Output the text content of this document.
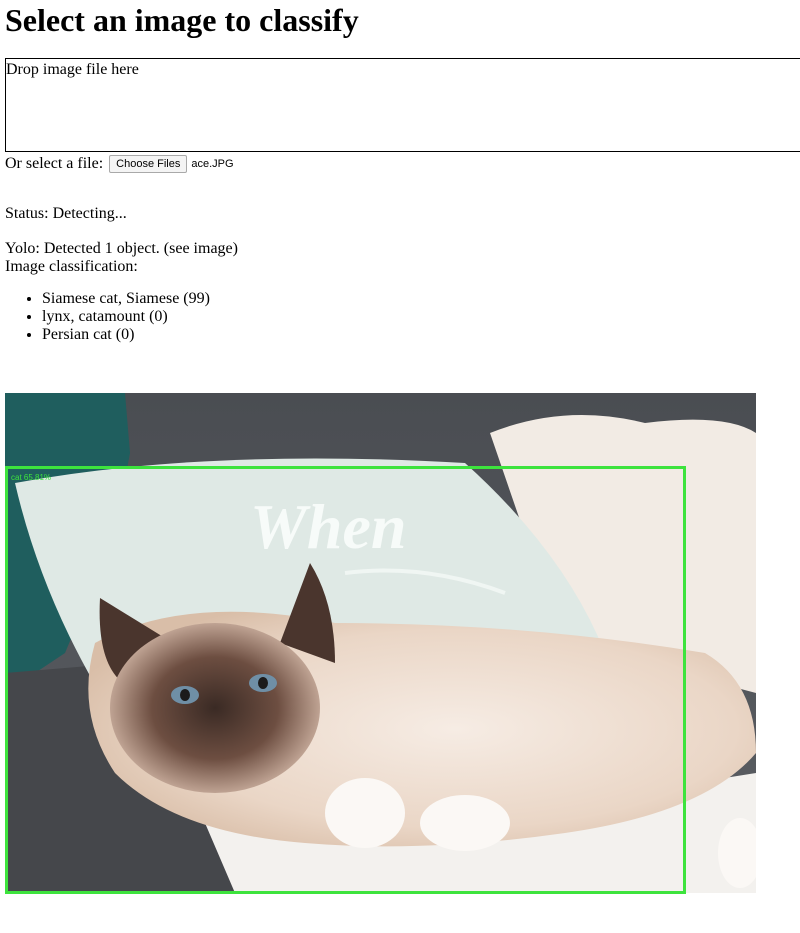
Select an image to classify
Drop image file here
Or select a file: Choose Files ace.JPG
Status: Detecting...
Yolo: Detected 1 object. (see image)
Image classification:
• Siamese cat, Siamese (99)
• lynx, catamount (0)
• Persian cat (0)
When
cat 65.81%
